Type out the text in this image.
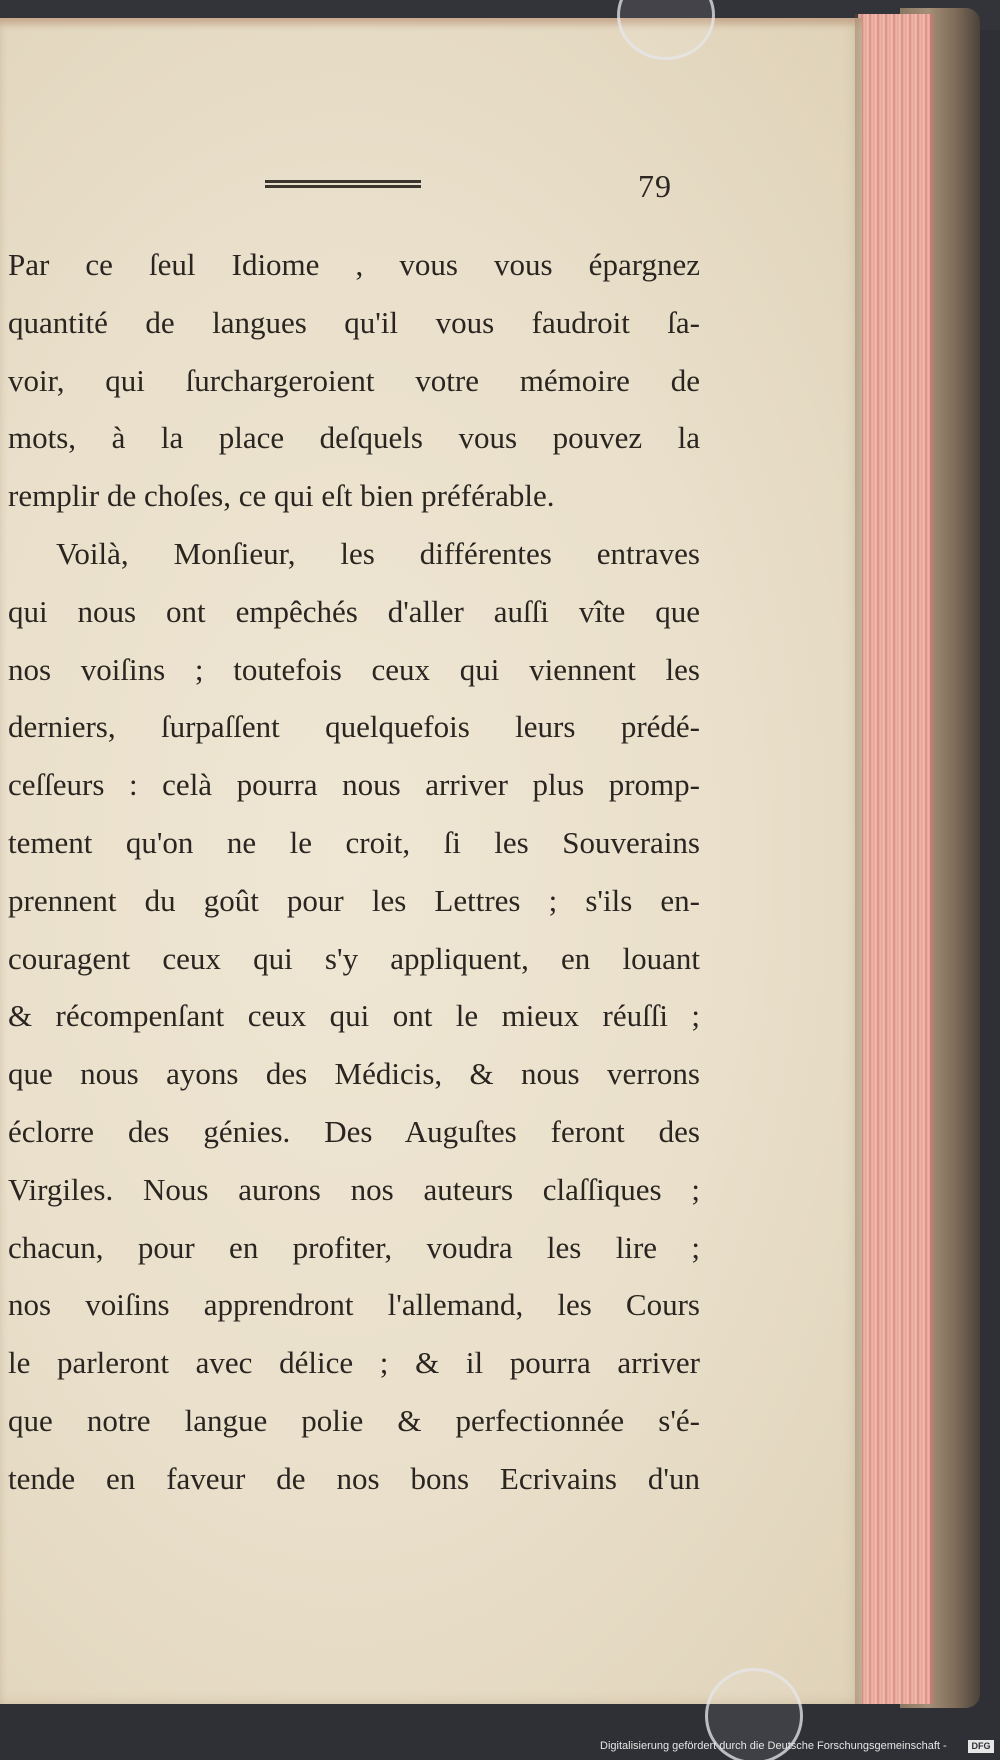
79
Par ce ſeul Idiome , vous vous épargnez
quantité de langues qu'il vous faudroit ſa-
voir, qui ſurchargeroient votre mémoire de
mots, à la place deſquels vous pouvez la
remplir de choſes, ce qui eſt bien préférable.
Voilà, Monſieur, les différentes entraves
qui nous ont empêchés d'aller auſſi vîte que
nos voiſins ; toutefois ceux qui viennent les
derniers, ſurpaſſent quelquefois leurs prédé-
ceſſeurs : celà pourra nous arriver plus promp-
tement qu'on ne le croit, ſi les Souverains
prennent du goût pour les Lettres ; s'ils en-
couragent ceux qui s'y appliquent, en louant
& récompenſant ceux qui ont le mieux réuſſi ;
que nous ayons des Médicis, & nous verrons
éclorre des génies. Des Auguſtes feront des
Virgiles. Nous aurons nos auteurs claſſiques ;
chacun, pour en profiter, voudra les lire ;
nos voiſins apprendront l'allemand, les Cours
le parleront avec délice ; & il pourra arriver
que notre langue polie & perfectionnée s'é-
tende en faveur de nos bons Ecrivains d'un
Digitalisierung gefördert durch die Deutsche Forschungsgemeinschaft -	DFG
